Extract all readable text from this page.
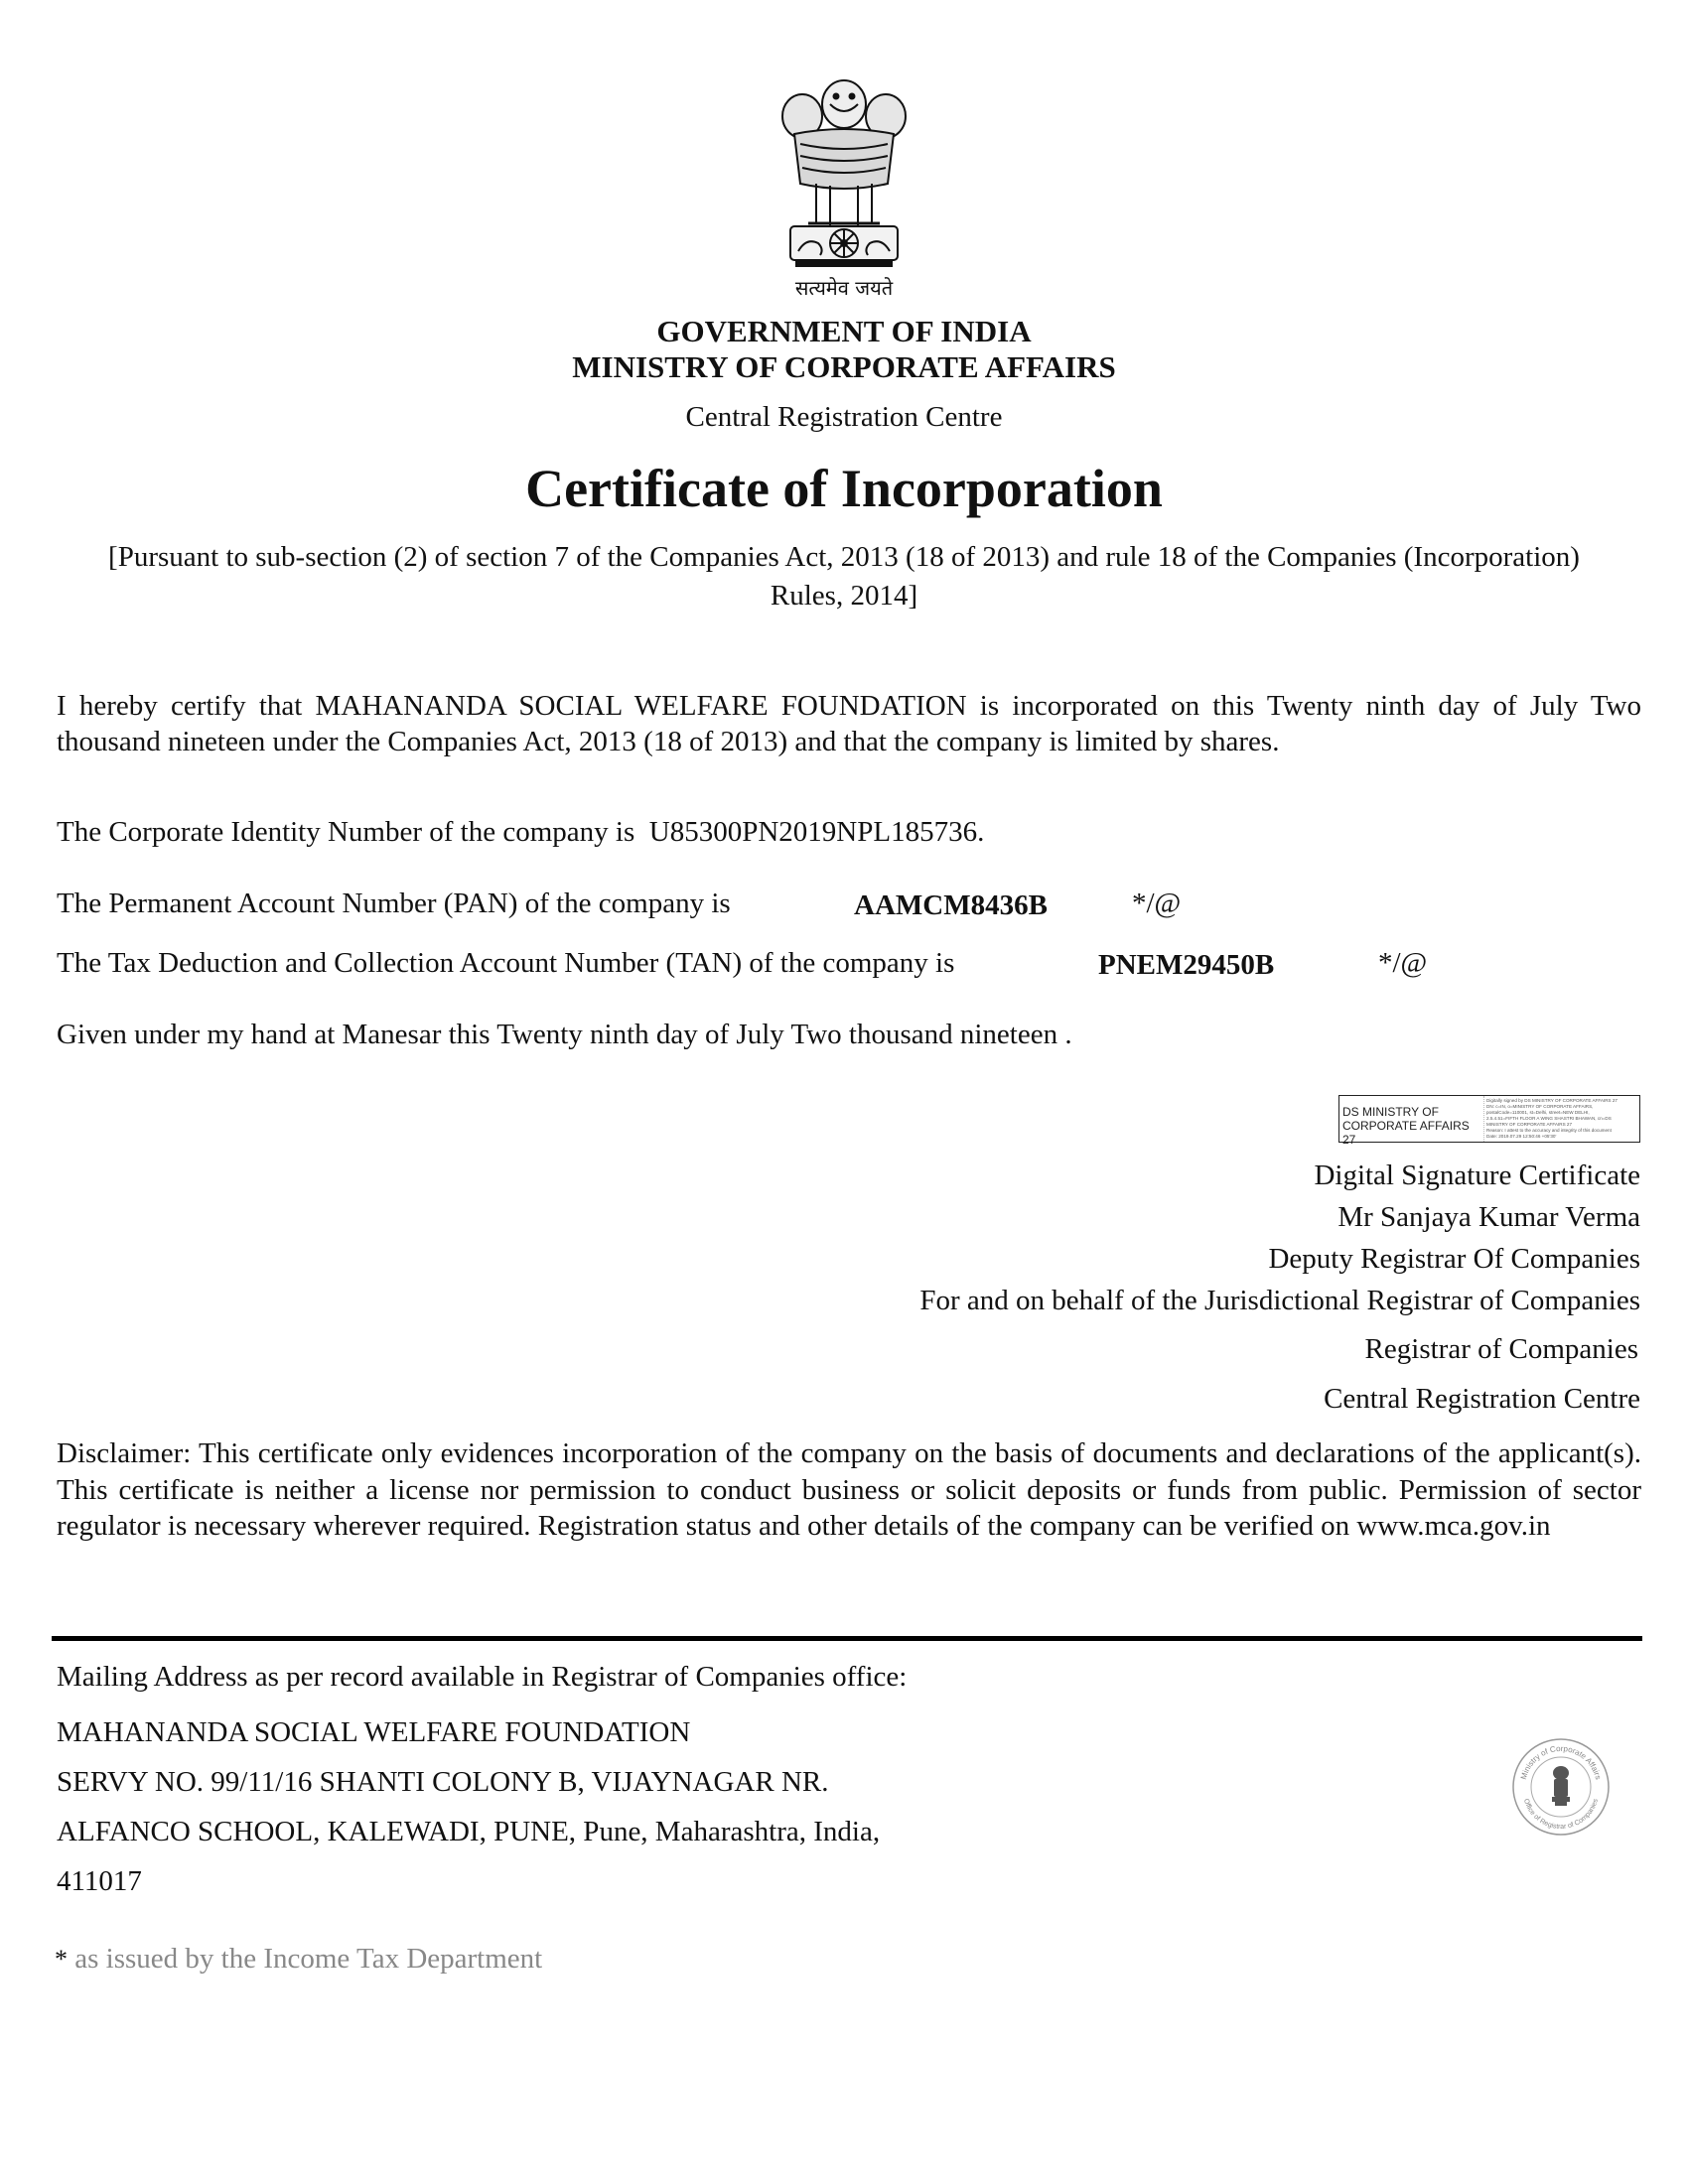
सत्यमेव जयते
GOVERNMENT OF INDIA
MINISTRY OF CORPORATE AFFAIRS
Central Registration Centre
Certificate of Incorporation
[Pursuant to sub-section (2) of section 7 of the Companies Act, 2013 (18 of 2013) and rule 18 of the Companies (Incorporation) Rules, 2014]
I hereby certify that MAHANANDA SOCIAL WELFARE FOUNDATION is incorporated on this Twenty ninth day of July Two thousand nineteen under the Companies Act, 2013 (18 of 2013) and that the company is limited by shares.
The Corporate Identity Number of the company is U85300PN2019NPL185736.
The Permanent Account Number (PAN) of the company is	AAMCM8436B	*/@
The Tax Deduction and Collection Account Number (TAN) of the company is	PNEM29450B	*/@
Given under my hand at Manesar this Twenty ninth day of July Two thousand nineteen .
DS MINISTRY OF
CORPORATE AFFAIRS 27
Digitally signed by DS MINISTRY OF CORPORATE AFFAIRS 27
DN: c=IN, o=MINISTRY OF CORPORATE AFFAIRS,
postalCode=110001, st=Delhi, street=NEW DELHI,
2.5.4.51=FIFTH FLOOR A WING SHASTRI BHAWAN, cn=DS
MINISTRY OF CORPORATE AFFAIRS 27
Reason: I attest to the accuracy and integrity of this document
Date: 2019.07.29 12:50:46 +05'30'
Digital Signature Certificate
Mr Sanjaya Kumar Verma
Deputy Registrar Of Companies
For and on behalf of the Jurisdictional Registrar of Companies
Registrar of Companies
Central Registration Centre
Disclaimer: This certificate only evidences incorporation of the company on the basis of documents and declarations of the applicant(s). This certificate is neither a license nor permission to conduct business or solicit deposits or funds from public. Permission of sector regulator is necessary wherever required. Registration status and other details of the company can be verified on www.mca.gov.in
Mailing Address as per record available in Registrar of Companies office:
MAHANANDA SOCIAL WELFARE FOUNDATION
SERVY NO. 99/11/16 SHANTI COLONY B, VIJAYNAGAR NR.
ALFANCO SCHOOL, KALEWADI, PUNE, Pune, Maharashtra, India,
411017
Ministry of Corporate Affairs
Office of Registrar of Companies
* as issued by the Income Tax Department
